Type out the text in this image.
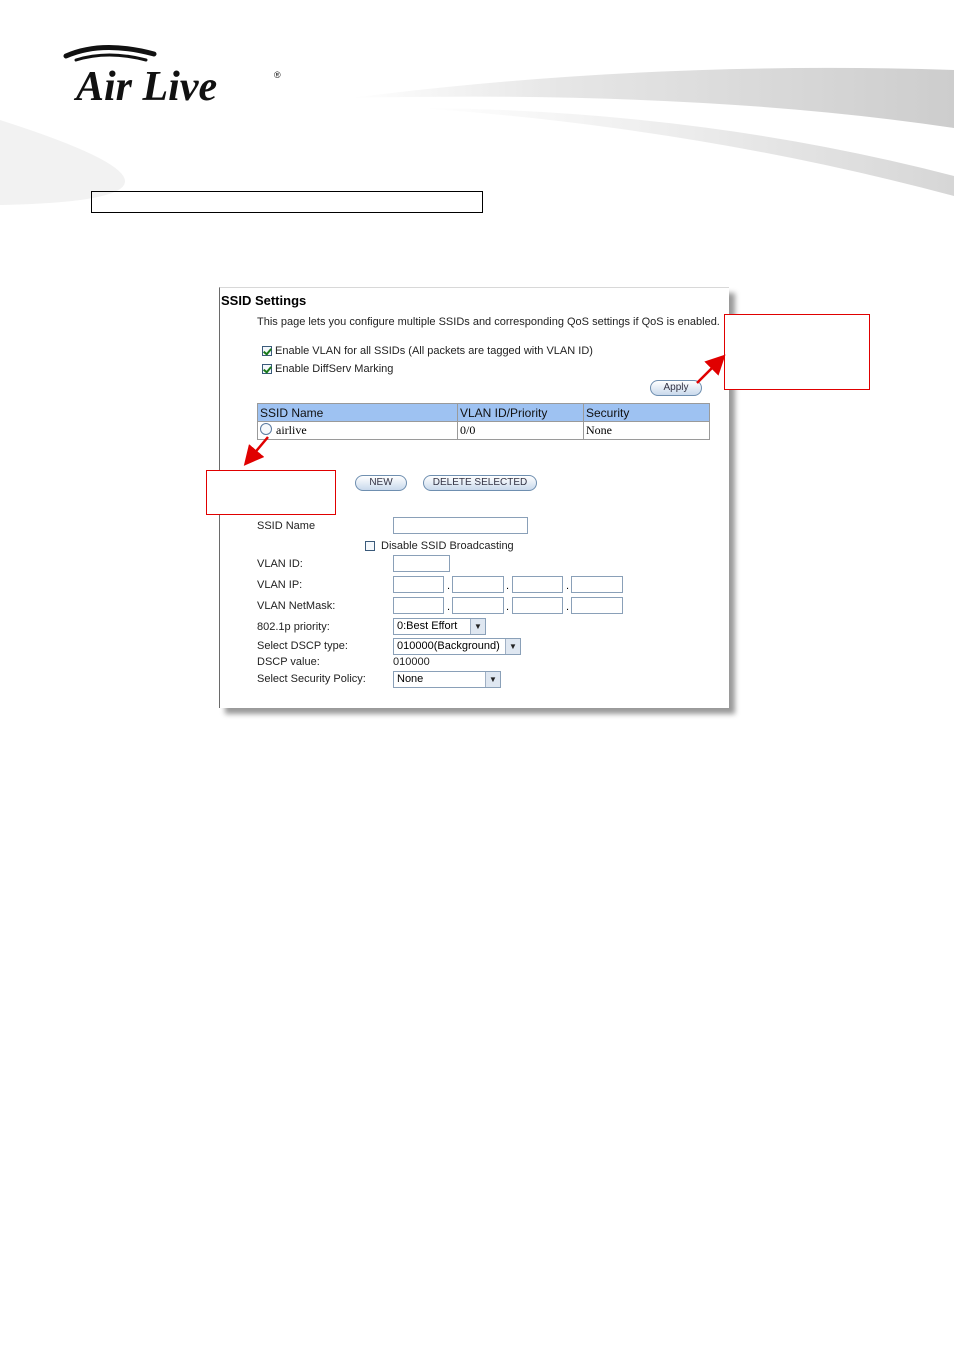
Air Live	®
SSID Settings
This page lets you configure multiple SSIDs and corresponding QoS settings if QoS is enabled.
Enable VLAN for all SSIDs (All packets are tagged with VLAN ID)
Enable DiffServ Marking
Apply
SSID Name	VLAN ID/Priority	Security
airlive	0/0	None
NEW	DELETE SELECTED
SSID Name
Disable SSID Broadcasting
VLAN ID:
VLAN IP:	.	.	.
VLAN NetMask:	.	.	.
802.1p priority:	0:Best Effort	▼
Select DSCP type:	010000(Background)	▼
DSCP value:	010000
Select Security Policy:	None	▼
